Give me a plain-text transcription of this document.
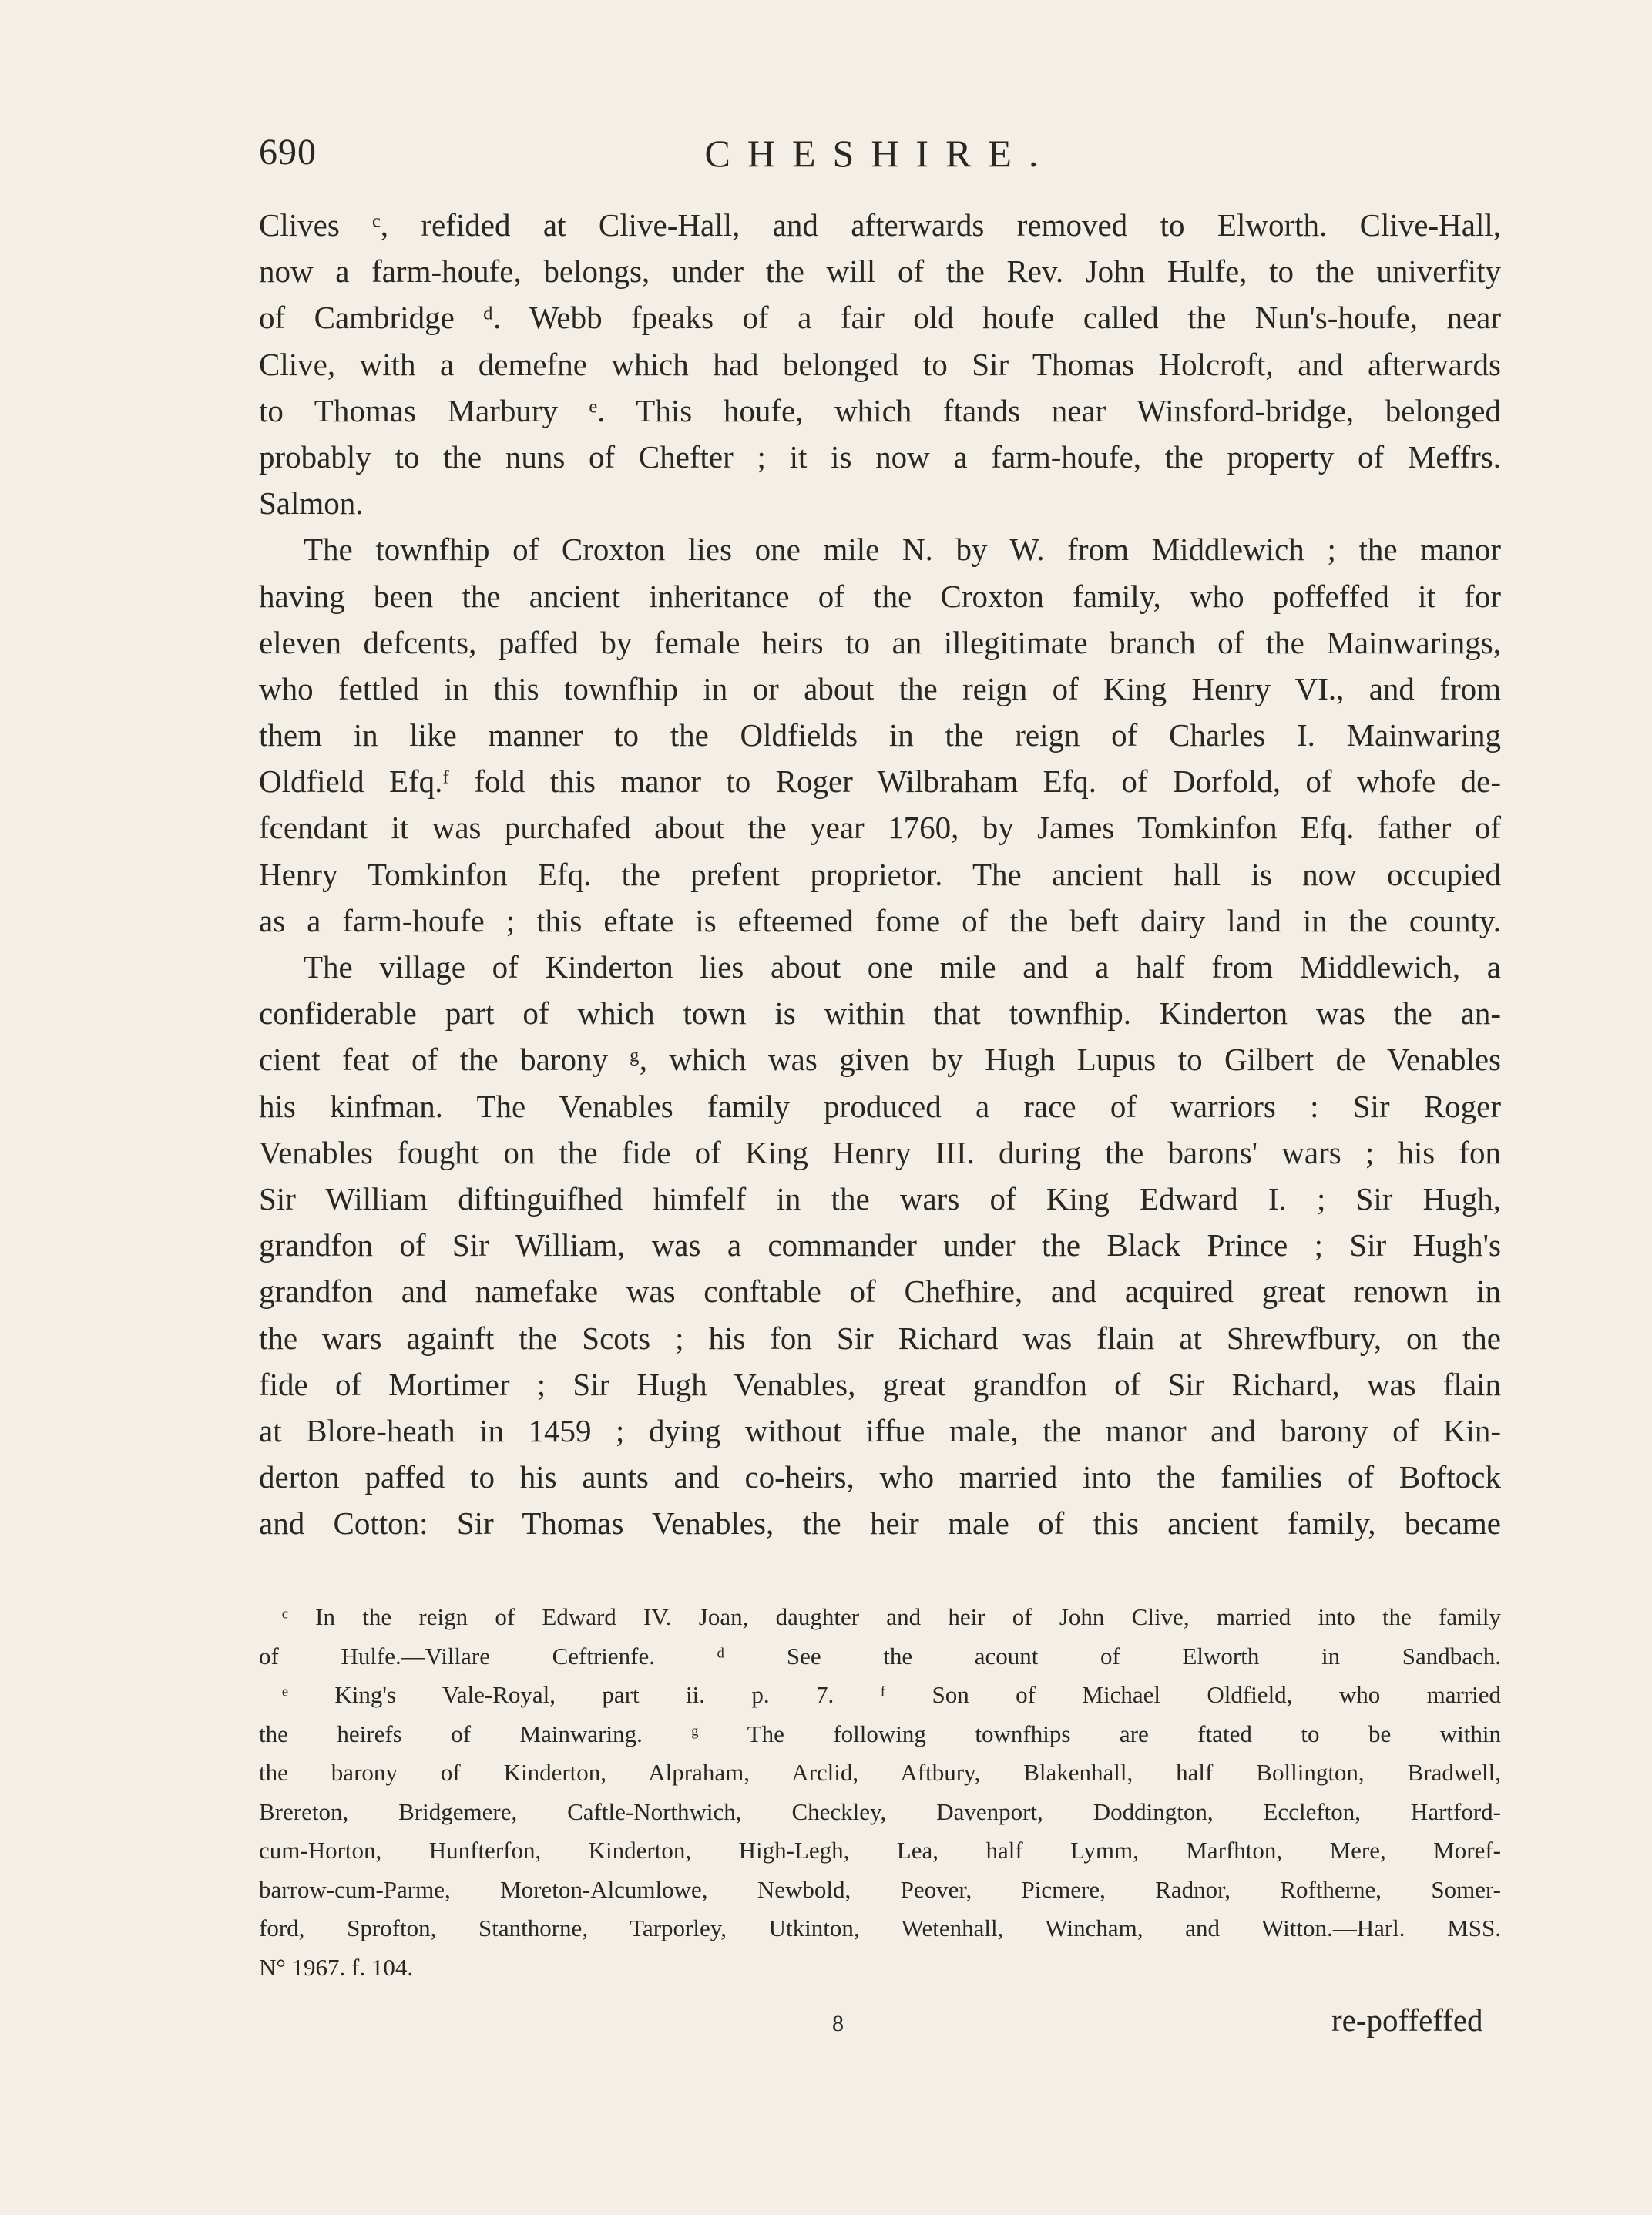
690	CHESHIRE.
Clives ᶜ, refided at Clive-Hall, and afterwards removed to Elworth. Clive-Hall,
now a farm-houfe, belongs, under the will of the Rev. John Hulfe, to the univerfity
of Cambridge ᵈ. Webb fpeaks of a fair old houfe called the Nun's-houfe, near
Clive, with a demefne which had belonged to Sir Thomas Holcroft, and afterwards
to Thomas Marbury ᵉ. This houfe, which ftands near Winsford-bridge, belonged
probably to the nuns of Chefter ; it is now a farm-houfe, the property of Meffrs.
Salmon.
The townfhip of Croxton lies one mile N. by W. from Middlewich ; the manor
having been the ancient inheritance of the Croxton family, who poffeffed it for
eleven defcents, paffed by female heirs to an illegitimate branch of the Mainwarings,
who fettled in this townfhip in or about the reign of King Henry VI., and from
them in like manner to the Oldfields in the reign of Charles I. Mainwaring
Oldfield Efq.ᶠ fold this manor to Roger Wilbraham Efq. of Dorfold, of whofe de-
fcendant it was purchafed about the year 1760, by James Tomkinfon Efq. father of
Henry Tomkinfon Efq. the prefent proprietor. The ancient hall is now occupied
as a farm-houfe ; this eftate is efteemed fome of the beft dairy land in the county.
The village of Kinderton lies about one mile and a half from Middlewich, a
confiderable part of which town is within that townfhip. Kinderton was the an-
cient feat of the barony ᵍ, which was given by Hugh Lupus to Gilbert de Venables
his kinfman. The Venables family produced a race of warriors : Sir Roger
Venables fought on the fide of King Henry III. during the barons' wars ; his fon
Sir William diftinguifhed himfelf in the wars of King Edward I. ; Sir Hugh,
grandfon of Sir William, was a commander under the Black Prince ; Sir Hugh's
grandfon and namefake was conftable of Chefhire, and acquired great renown in
the wars againft the Scots ; his fon Sir Richard was flain at Shrewfbury, on the
fide of Mortimer ; Sir Hugh Venables, great grandfon of Sir Richard, was flain
at Blore-heath in 1459 ; dying without iffue male, the manor and barony of Kin-
derton paffed to his aunts and co-heirs, who married into the families of Boftock
and Cotton: Sir Thomas Venables, the heir male of this ancient family, became
ᶜ In the reign of Edward IV. Joan, daughter and heir of John Clive, married into the family
of Hulfe.—Villare Ceftrienfe. ᵈ See the acount of Elworth in Sandbach.
ᵉ King's Vale-Royal, part ii. p. 7. ᶠ Son of Michael Oldfield, who married
the heirefs of Mainwaring. ᵍ The following townfhips are ftated to be within
the barony of Kinderton, Alpraham, Arclid, Aftbury, Blakenhall, half Bollington, Bradwell,
Brereton, Bridgemere, Caftle-Northwich, Checkley, Davenport, Doddington, Ecclefton, Hartford-
cum-Horton, Hunfterfon, Kinderton, High-Legh, Lea, half Lymm, Marfhton, Mere, Moref-
barrow-cum-Parme, Moreton-Alcumlowe, Newbold, Peover, Picmere, Radnor, Roftherne, Somer-
ford, Sprofton, Stanthorne, Tarporley, Utkinton, Wetenhall, Wincham, and Witton.—Harl. MSS.
N° 1967. f. 104.
8	re-poffeffed
